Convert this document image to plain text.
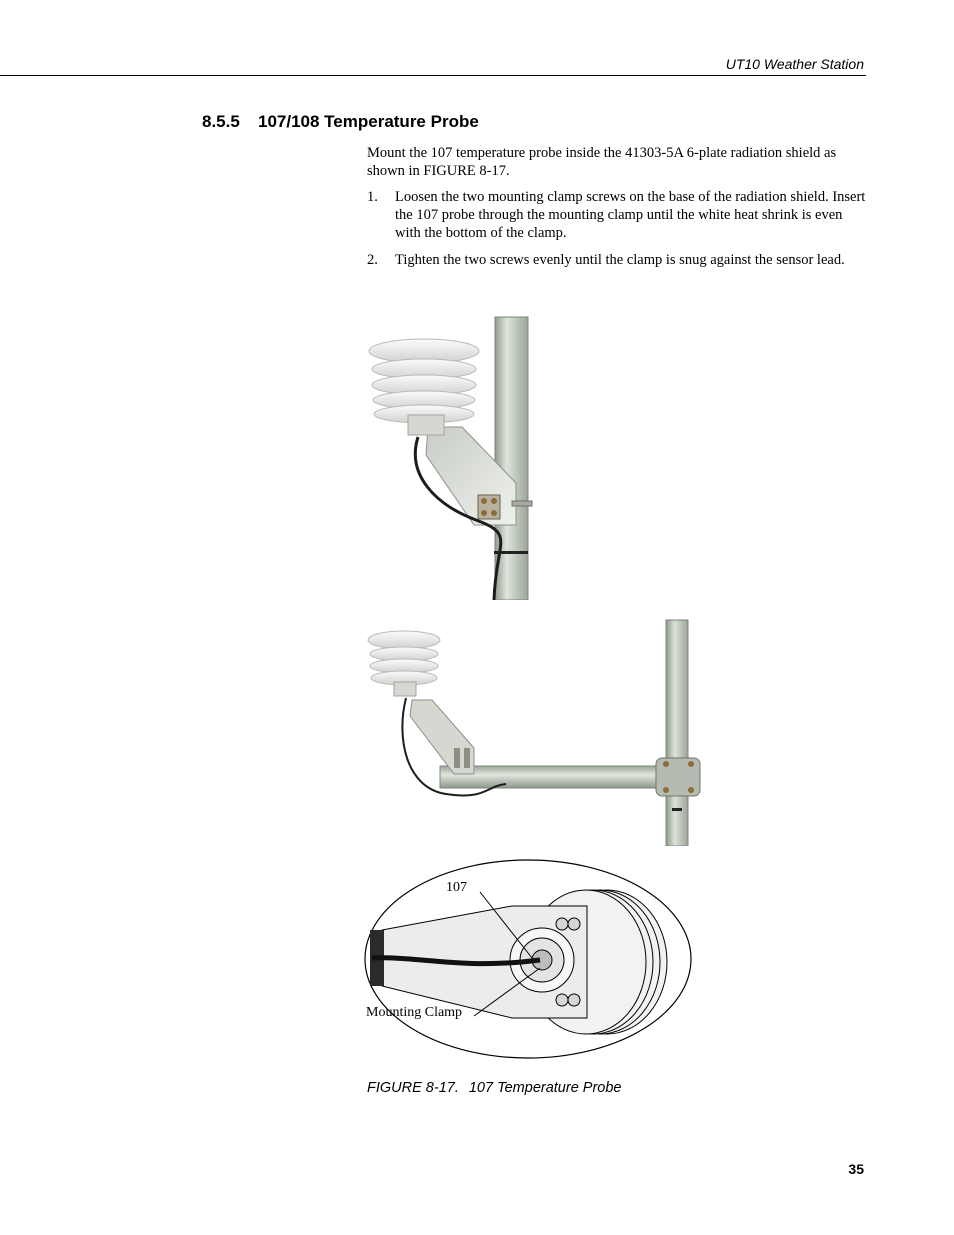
UT10 Weather Station
8.5.5 107/108 Temperature Probe

Mount the 107 temperature probe inside the 41303-5A 6-plate radiation shield as shown in FIGURE 8-17.

1. Loosen the two mounting clamp screws on the base of the radiation shield. Insert the 107 probe through the mounting clamp until the white heat shrink is even with the bottom of the clamp.
2. Tighten the two screws evenly until the clamp is snug against the sensor lead.
107
Mounting Clamp
FIGURE 8-17. 107 Temperature Probe
35
